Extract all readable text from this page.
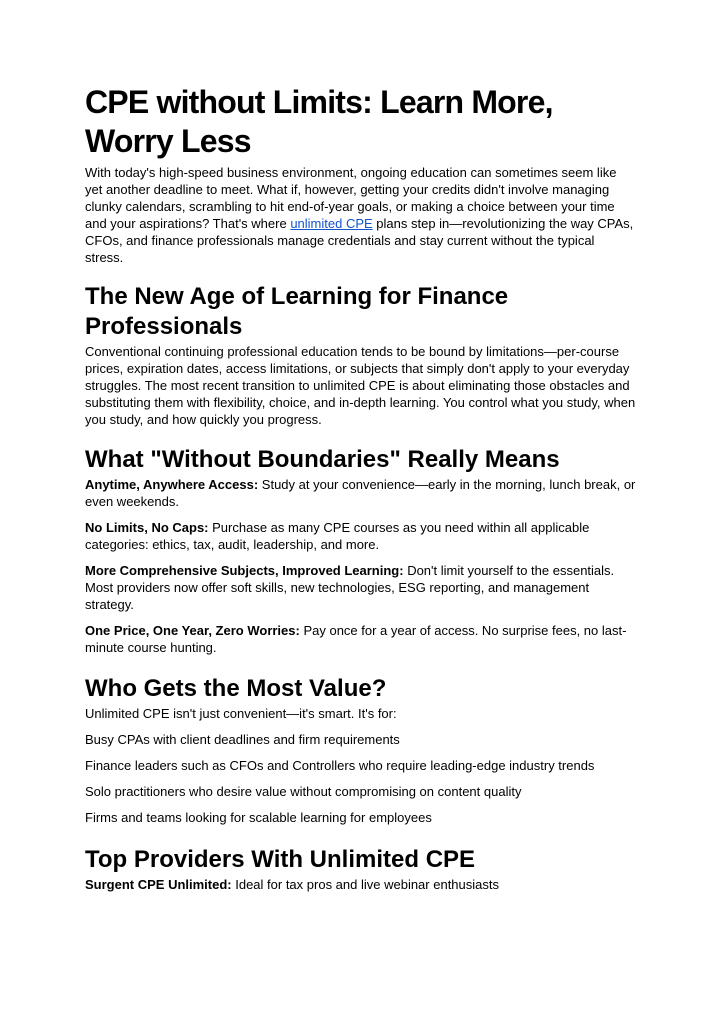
CPE without Limits: Learn More, Worry Less

With today's high-speed business environment, ongoing education can sometimes seem like yet another deadline to meet. What if, however, getting your credits didn't involve managing clunky calendars, scrambling to hit end-of-year goals, or making a choice between your time and your aspirations? That's where unlimited CPE plans step in—revolutionizing the way CPAs, CFOs, and finance professionals manage credentials and stay current without the typical stress.

The New Age of Learning for Finance Professionals

Conventional continuing professional education tends to be bound by limitations—per-course prices, expiration dates, access limitations, or subjects that simply don't apply to your everyday struggles. The most recent transition to unlimited CPE is about eliminating those obstacles and substituting them with flexibility, choice, and in-depth learning. You control what you study, when you study, and how quickly you progress.

What "Without Boundaries" Really Means

Anytime, Anywhere Access: Study at your convenience—early in the morning, lunch break, or even weekends.

No Limits, No Caps: Purchase as many CPE courses as you need within all applicable categories: ethics, tax, audit, leadership, and more.

More Comprehensive Subjects, Improved Learning: Don't limit yourself to the essentials. Most providers now offer soft skills, new technologies, ESG reporting, and management strategy.

One Price, One Year, Zero Worries: Pay once for a year of access. No surprise fees, no last-minute course hunting.

Who Gets the Most Value?

Unlimited CPE isn't just convenient—it's smart. It's for:

Busy CPAs with client deadlines and firm requirements

Finance leaders such as CFOs and Controllers who require leading-edge industry trends

Solo practitioners who desire value without compromising on content quality

Firms and teams looking for scalable learning for employees

Top Providers With Unlimited CPE

Surgent CPE Unlimited: Ideal for tax pros and live webinar enthusiasts
